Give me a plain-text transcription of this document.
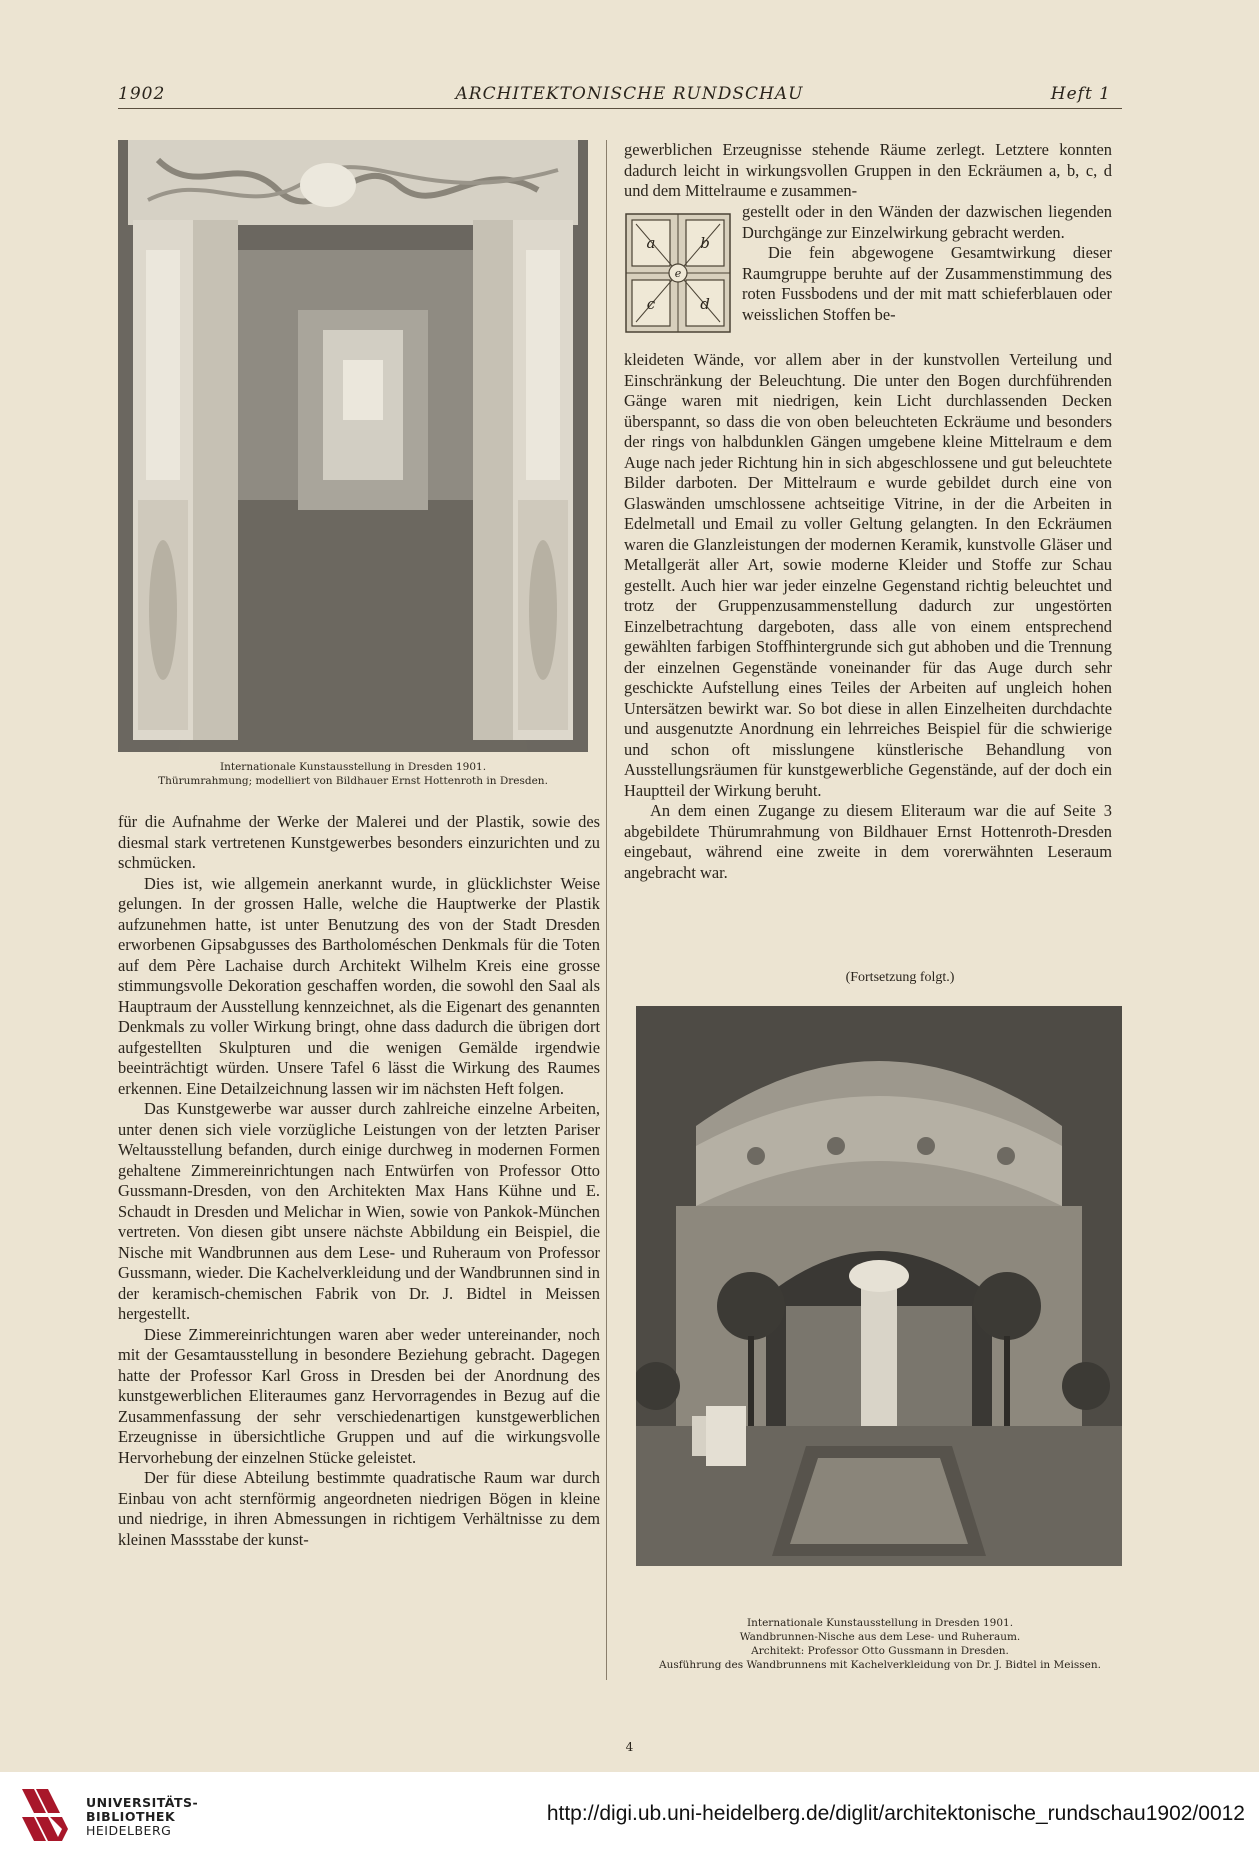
1902	ARCHITEKTONISCHE RUNDSCHAU	Heft 1
Internationale Kunstausstellung in Dresden 1901.
Thürumrahmung; modelliert von Bildhauer Ernst Hottenroth in Dresden.

für die Aufnahme der Werke der Malerei und der Plastik, sowie des diesmal stark vertretenen Kunstgewerbes besonders einzurichten und zu schmücken.

Dies ist, wie allgemein anerkannt wurde, in glücklichster Weise gelungen. In der grossen Halle, welche die Hauptwerke der Plastik aufzunehmen hatte, ist unter Benutzung des von der Stadt Dresden erworbenen Gipsabgusses des Bartholoméschen Denkmals für die Toten auf dem Père Lachaise durch Architekt Wilhelm Kreis eine grosse stimmungsvolle Dekoration geschaffen worden, die sowohl den Saal als Hauptraum der Ausstellung kennzeichnet, als die Eigenart des genannten Denkmals zu voller Wirkung bringt, ohne dass dadurch die übrigen dort aufgestellten Skulpturen und die wenigen Gemälde irgendwie beeinträchtigt würden. Unsere Tafel 6 lässt die Wirkung des Raumes erkennen. Eine Detailzeichnung lassen wir im nächsten Heft folgen.

Das Kunstgewerbe war ausser durch zahlreiche einzelne Arbeiten, unter denen sich viele vorzügliche Leistungen von der letzten Pariser Weltausstellung befanden, durch einige durchweg in modernen Formen gehaltene Zimmereinrichtungen nach Entwürfen von Professor Otto Gussmann-Dresden, von den Architekten Max Hans Kühne und E. Schaudt in Dresden und Melichar in Wien, sowie von Pankok-München vertreten. Von diesen gibt unsere nächste Abbildung ein Beispiel, die Nische mit Wandbrunnen aus dem Lese- und Ruheraum von Professor Gussmann, wieder. Die Kachelverkleidung und der Wandbrunnen sind in der keramisch-chemischen Fabrik von Dr. J. Bidtel in Meissen hergestellt.

Diese Zimmereinrichtungen waren aber weder untereinander, noch mit der Gesamtausstellung in besondere Beziehung gebracht. Dagegen hatte der Professor Karl Gross in Dresden bei der Anordnung des kunstgewerblichen Eliteraumes ganz Hervorragendes in Bezug auf die Zusammenfassung der sehr verschiedenartigen kunstgewerblichen Erzeugnisse in übersichtliche Gruppen und auf die wirkungsvolle Hervorhebung der einzelnen Stücke geleistet.

Der für diese Abteilung bestimmte quadratische Raum war durch Einbau von acht sternförmig angeordneten niedrigen Bögen in kleine und niedrige, in ihren Abmessungen in richtigem Verhältnisse zu dem kleinen Massstabe der kunst-

gewerblichen Erzeugnisse stehende Räume zerlegt. Letztere konnten dadurch leicht in wirkungsvollen Gruppen in den Eckräumen a, b, c, d und dem Mittelraume e zusammen-

a	b
c	d
e

gestellt oder in den Wänden der dazwischen liegenden Durchgänge zur Einzelwirkung gebracht werden.

Die fein abgewogene Gesamtwirkung dieser Raumgruppe beruhte auf der Zusammenstimmung des roten Fussbodens und der mit matt schieferblauen oder weisslichen Stoffen be-

kleideten Wände, vor allem aber in der kunstvollen Verteilung und Einschränkung der Beleuchtung. Die unter den Bogen durchführenden Gänge waren mit niedrigen, kein Licht durchlassenden Decken überspannt, so dass die von oben beleuchteten Eckräume und besonders der rings von halbdunklen Gängen umgebene kleine Mittelraum e dem Auge nach jeder Richtung hin in sich abgeschlossene und gut beleuchtete Bilder darboten. Der Mittelraum e wurde gebildet durch eine von Glaswänden umschlossene achtseitige Vitrine, in der die Arbeiten in Edelmetall und Email zu voller Geltung gelangten. In den Eckräumen waren die Glanzleistungen der modernen Keramik, kunstvolle Gläser und Metallgerät aller Art, sowie moderne Kleider und Stoffe zur Schau gestellt. Auch hier war jeder einzelne Gegenstand richtig beleuchtet und trotz der Gruppenzusammenstellung dadurch zur ungestörten Einzelbetrachtung dargeboten, dass alle von einem entsprechend gewählten farbigen Stoffhintergrunde sich gut abhoben und die Trennung der einzelnen Gegenstände voneinander für das Auge durch sehr geschickte Aufstellung eines Teiles der Arbeiten auf ungleich hohen Untersätzen bewirkt war. So bot diese in allen Einzelheiten durchdachte und ausgenutzte Anordnung ein lehrreiches Beispiel für die schwierige und schon oft misslungene künstlerische Behandlung von Ausstellungsräumen für kunstgewerbliche Gegenstände, auf der doch ein Hauptteil der Wirkung beruht.

An dem einen Zugange zu diesem Eliteraum war die auf Seite 3 abgebildete Thürumrahmung von Bildhauer Ernst Hottenroth-Dresden eingebaut, während eine zweite in dem vorerwähnten Leseraum angebracht war.

(Fortsetzung folgt.)
Internationale Kunstausstellung in Dresden 1901.
Wandbrunnen-Nische aus dem Lese- und Ruheraum.
Architekt: Professor Otto Gussmann in Dresden.
Ausführung des Wandbrunnens mit Kachelverkleidung von Dr. J. Bidtel in Meissen.
4
UNIVERSITÄTS-
BIBLIOTHEK
HEIDELBERG
http://digi.ub.uni-heidelberg.de/diglit/architektonische_rundschau1902/0012
